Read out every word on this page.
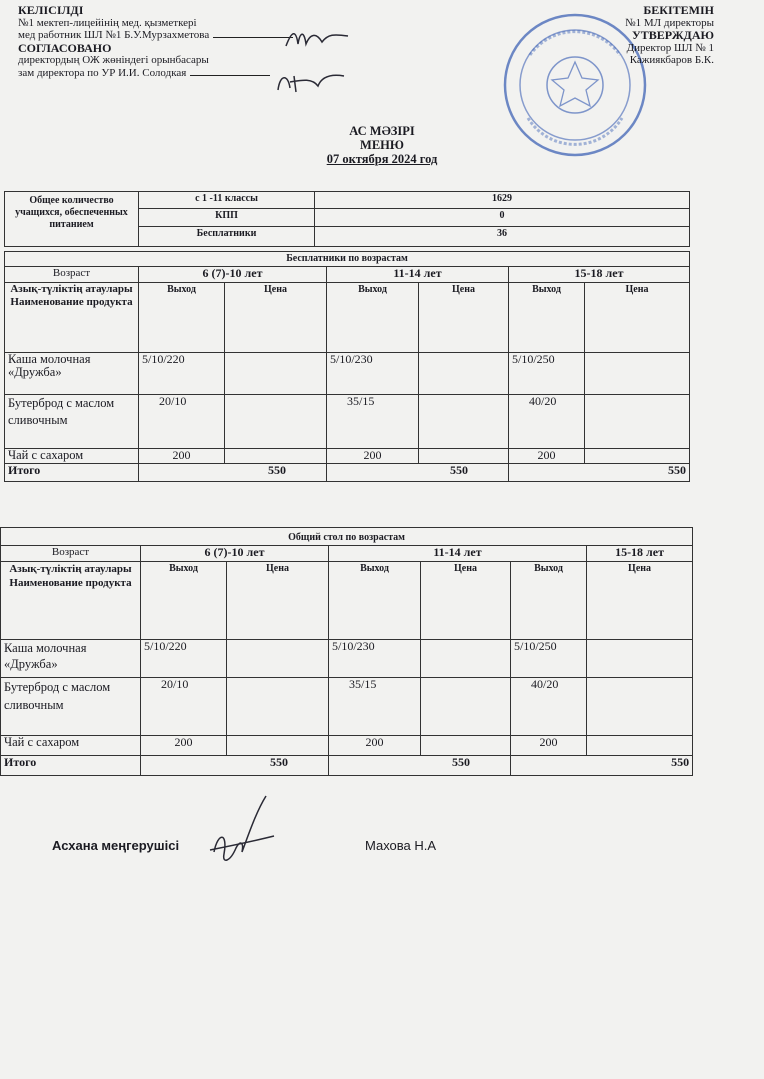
КЕЛІСІЛДІ
№1 мектеп-лицейінің мед. қызметкері
мед работник ШЛ №1 Б.У.Мурзахметова
СОГЛАСОВАНО
директордың ОЖ жөніндегі орынбасары
зам директора по УР И.И. Солодкая
БЕКІТЕМІН
№1 МЛ директоры
УТВЕРЖДАЮ
Директор ШЛ № 1
Кажиякбаров Б.К.
АС МӘЗІРІ
МЕНЮ
07 октября 2024 год
Общее количество учащихся, обеспеченных питанием	с 1 -11 классы	1629
	КПП	0
	Бесплатники	36
Бесплатники по возрастам						
Возраст	6 (7)-10 лет		11-14 лет		15-18 лет	
Азық-түліктің атаулары Наименование продукта	Выход	Цена	Выход	Цена	Выход	Цена
Каша молочная «Дружба»	5/10/220		5/10/230		5/10/250	
Бутерброд с маслом сливочным	20/10		35/15		40/20	
Чай с сахаром	200		200		200	
Итого	550		550		550	
Общий стол по возрастам						
Возраст	6 (7)-10 лет		11-14 лет			15-18 лет
Азық-түліктің атаулары Наименование продукта	Выход	Цена	Выход	Цена	Выход	Цена
Каша молочная «Дружба»	5/10/220		5/10/230		5/10/250	
Бутерброд с маслом сливочным	20/10		35/15		40/20	
Чай с сахаром	200		200		200	
Итого	550		550		550	
Асхана меңгерушісі	Махова Н.А
